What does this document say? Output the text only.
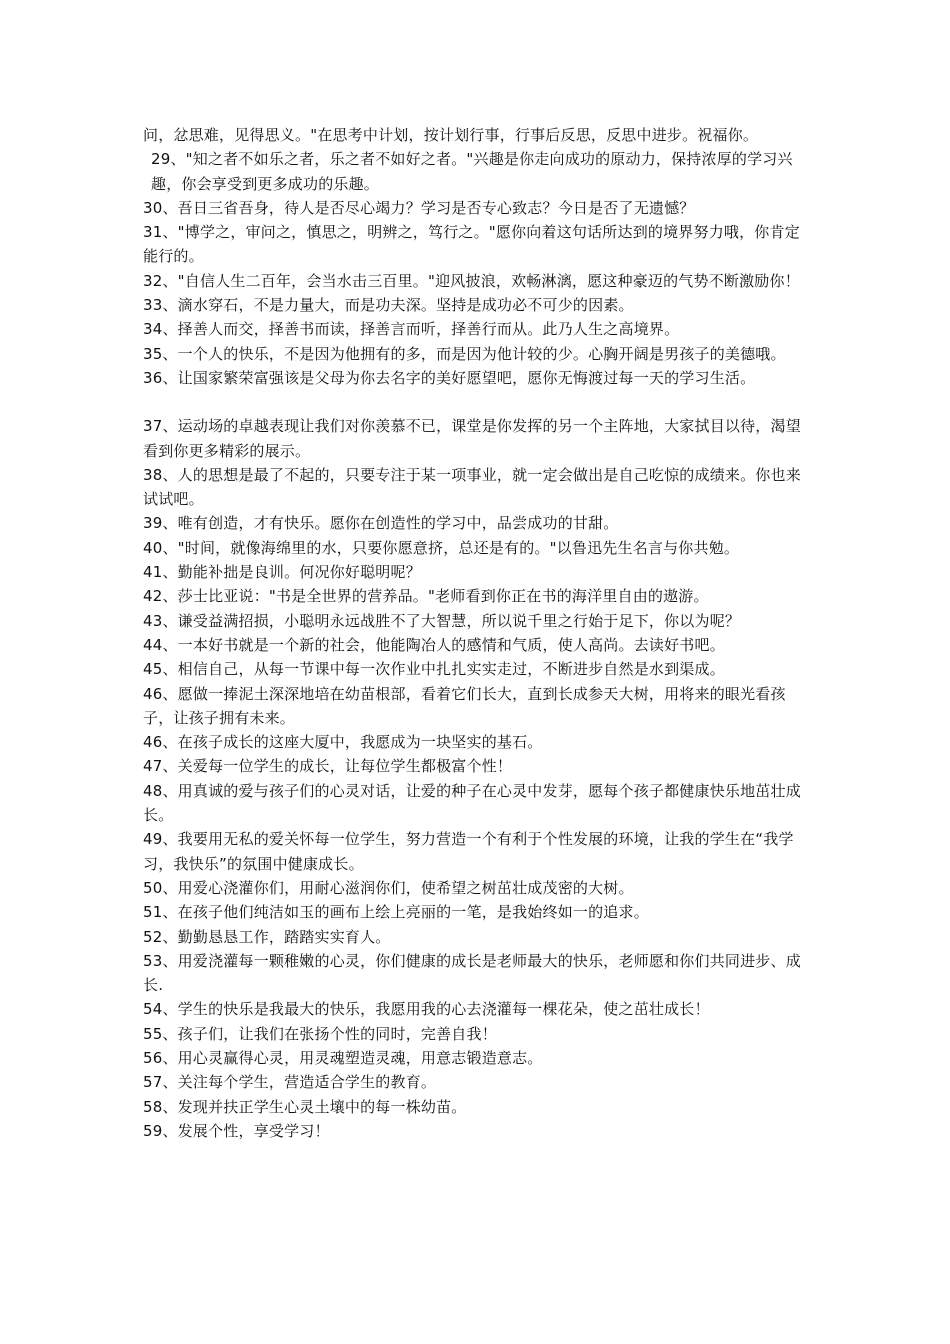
问，忿思难，见得思义。"在思考中计划，按计划行事，行事后反思，反思中进步。祝福你。

29、"知之者不如乐之者，乐之者不如好之者。"兴趣是你走向成功的原动力，保持浓厚的学习兴趣，你会享受到更多成功的乐趣。

30、吾日三省吾身，待人是否尽心竭力？学习是否专心致志？今日是否了无遗憾？

31、"博学之，审问之，慎思之，明辨之，笃行之。"愿你向着这句话所达到的境界努力哦，你肯定能行的。

32、"自信人生二百年，会当水击三百里。"迎风披浪，欢畅淋漓，愿这种豪迈的气势不断激励你！

33、滴水穿石，不是力量大，而是功夫深。坚持是成功必不可少的因素。

34、择善人而交，择善书而读，择善言而听，择善行而从。此乃人生之高境界。

35、一个人的快乐，不是因为他拥有的多，而是因为他计较的少。心胸开阔是男孩子的美德哦。

36、让国家繁荣富强该是父母为你去名字的美好愿望吧，愿你无悔渡过每一天的学习生活。

37、运动场的卓越表现让我们对你羡慕不已，课堂是你发挥的另一个主阵地，大家拭目以待，渴望看到你更多精彩的展示。

38、人的思想是最了不起的，只要专注于某一项事业，就一定会做出是自己吃惊的成绩来。你也来试试吧。

39、唯有创造，才有快乐。愿你在创造性的学习中，品尝成功的甘甜。

40、"时间，就像海绵里的水，只要你愿意挤，总还是有的。"以鲁迅先生名言与你共勉。

41、勤能补拙是良训。何况你好聪明呢？

42、莎士比亚说："书是全世界的营养品。"老师看到你正在书的海洋里自由的遨游。

43、谦受益满招损，小聪明永远战胜不了大智慧，所以说千里之行始于足下，你以为呢？

44、一本好书就是一个新的社会，他能陶冶人的感情和气质，使人高尚。去读好书吧。

45、相信自己，从每一节课中每一次作业中扎扎实实走过，不断进步自然是水到渠成。

46、愿做一捧泥土深深地培在幼苗根部，看着它们长大，直到长成参天大树，用将来的眼光看孩子，让孩子拥有未来。

46、在孩子成长的这座大厦中，我愿成为一块坚实的基石。

47、关爱每一位学生的成长，让每位学生都极富个性！

48、用真诚的爱与孩子们的心灵对话，让爱的种子在心灵中发芽，愿每个孩子都健康快乐地茁壮成长。

49、我要用无私的爱关怀每一位学生，努力营造一个有利于个性发展的环境，让我的学生在“我学习，我快乐”的氛围中健康成长。

50、用爱心浇灌你们，用耐心滋润你们，使希望之树茁壮成茂密的大树。

51、在孩子他们纯洁如玉的画布上绘上亮丽的一笔，是我始终如一的追求。

52、勤勤恳恳工作，踏踏实实育人。

53、用爱浇灌每一颗稚嫩的心灵，你们健康的成长是老师最大的快乐，老师愿和你们共同进步、成长.

54、学生的快乐是我最大的快乐，我愿用我的心去浇灌每一棵花朵，使之茁壮成长！

55、孩子们，让我们在张扬个性的同时，完善自我！

56、用心灵赢得心灵，用灵魂塑造灵魂，用意志锻造意志。

57、关注每个学生，营造适合学生的教育。

58、发现并扶正学生心灵土壤中的每一株幼苗。

59、发展个性，享受学习！
